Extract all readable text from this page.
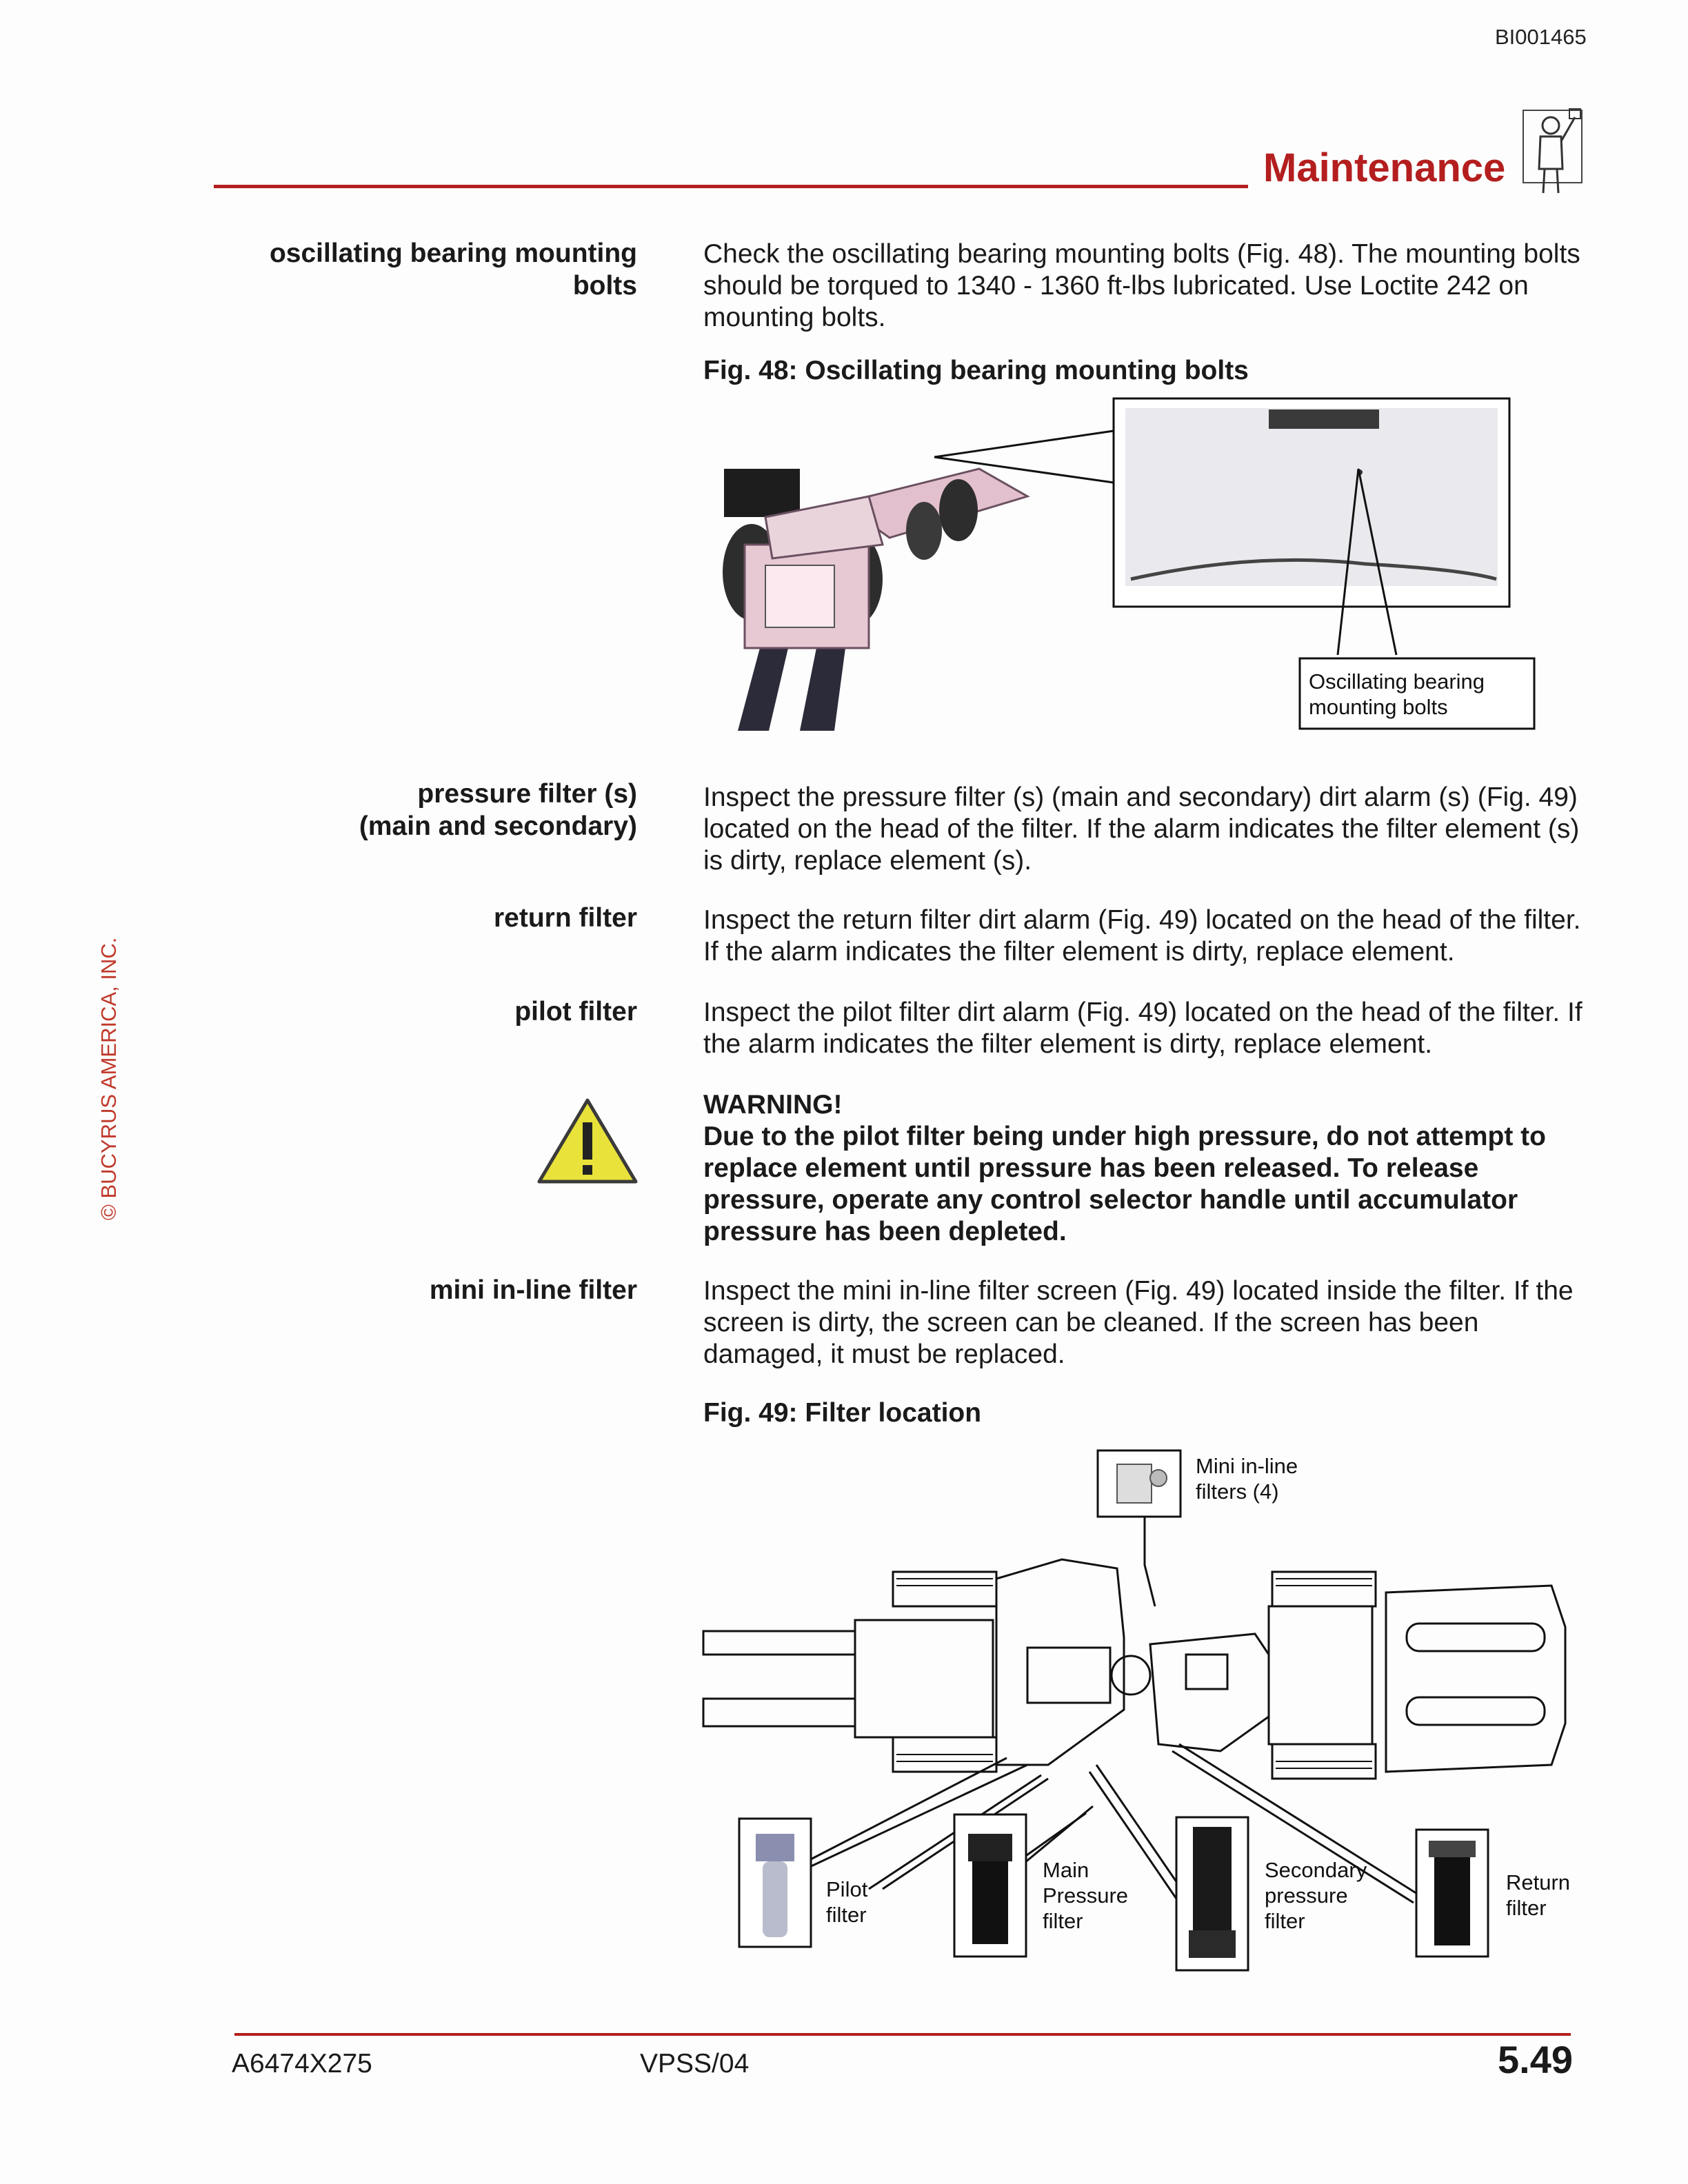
BI001465
Maintenance
© BUCYRUS AMERICA, INC.
oscillating bearing mounting
bolts
Check the oscillating bearing mounting bolts (Fig. 48). The mounting bolts should be torqued to 1340 - 1360 ft-lbs lubricated. Use Loctite 242 on mounting bolts.
Fig. 48: Oscillating bearing mounting bolts
Oscillating bearing
mounting bolts
pressure filter (s)
(main and secondary)
Inspect the pressure filter (s) (main and secondary) dirt alarm (s) (Fig. 49) located on the head of the filter. If the alarm indicates the filter element (s) is dirty, replace element (s).
return filter Inspect the return filter dirt alarm (Fig. 49) located on the head of the filter. If the alarm indicates the filter element is dirty, replace element.
pilot filter Inspect the pilot filter dirt alarm (Fig. 49) located on the head of the filter. If the alarm indicates the filter element is dirty, replace element.
WARNING!
Due to the pilot filter being under high pressure, do not attempt to replace element until pressure has been released. To release pressure, operate any control selector handle until accumulator pressure has been depleted.
mini in-line filter Inspect the mini in-line filter screen (Fig. 49) located inside the filter. If the screen is dirty, the screen can be cleaned. If the screen has been damaged, it must be replaced.
Fig. 49: Filter location
Mini in-line
filters (4)
Pilot
filter
Main
Pressure
filter
Secondary
pressure
filter
Return
filter
A6474X275	VPSS/04	5.49
